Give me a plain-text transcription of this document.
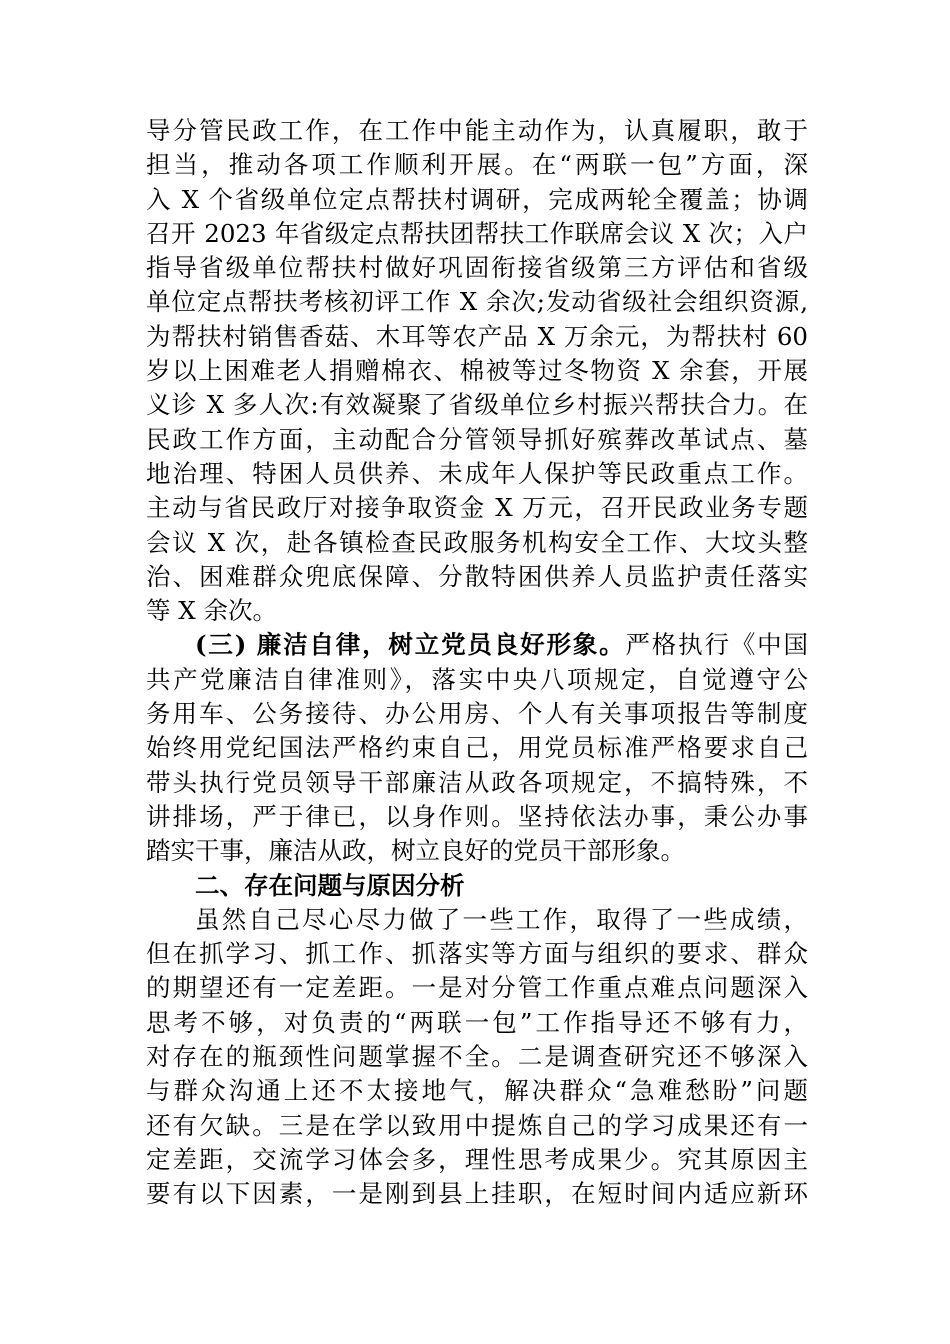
导分管民政工作，在工作中能主动作为，认真履职，敢于
担当，推动各项工作顺利开展。在“两联一包”方面，深
入 X 个省级单位定点帮扶村调研，完成两轮全覆盖；协调
召开 2023 年省级定点帮扶团帮扶工作联席会议 X 次；入户
指导省级单位帮扶村做好巩固衔接省级第三方评估和省级
单位定点帮扶考核初评工作 X 余次;发动省级社会组织资源,
为帮扶村销售香菇、木耳等农产品 X 万余元，为帮扶村 60
岁以上困难老人捐赠棉衣、棉被等过冬物资 X 余套，开展
义诊 X 多人次:有效凝聚了省级单位乡村振兴帮扶合力。在
民政工作方面，主动配合分管领导抓好殡葬改革试点、墓
地治理、特困人员供养、未成年人保护等民政重点工作。
主动与省民政厅对接争取资金 X 万元，召开民政业务专题
会议 X 次，赴各镇检查民政服务机构安全工作、大坟头整
治、困难群众兜底保障、分散特困供养人员监护责任落实
等 X 余次。
(三) 廉洁自律，树立党员良好形象。严格执行《中国
共产党廉洁自律准则》，落实中央八项规定，自觉遵守公
务用车、公务接待、办公用房、个人有关事项报告等制度
始终用党纪国法严格约束自己，用党员标准严格要求自己
带头执行党员领导干部廉洁从政各项规定，不搞特殊，不
讲排场，严于律已，以身作则。坚持依法办事，秉公办事
踏实干事，廉洁从政，树立良好的党员干部形象。
二、存在问题与原因分析
虽然自己尽心尽力做了一些工作，取得了一些成绩，
但在抓学习、抓工作、抓落实等方面与组织的要求、群众
的期望还有一定差距。一是对分管工作重点难点问题深入
思考不够，对负责的“两联一包”工作指导还不够有力，
对存在的瓶颈性问题掌握不全。二是调查研究还不够深入
与群众沟通上还不太接地气，解决群众“急难愁盼”问题
还有欠缺。三是在学以致用中提炼自己的学习成果还有一
定差距，交流学习体会多，理性思考成果少。究其原因主
要有以下因素，一是刚到县上挂职，在短时间内适应新环
